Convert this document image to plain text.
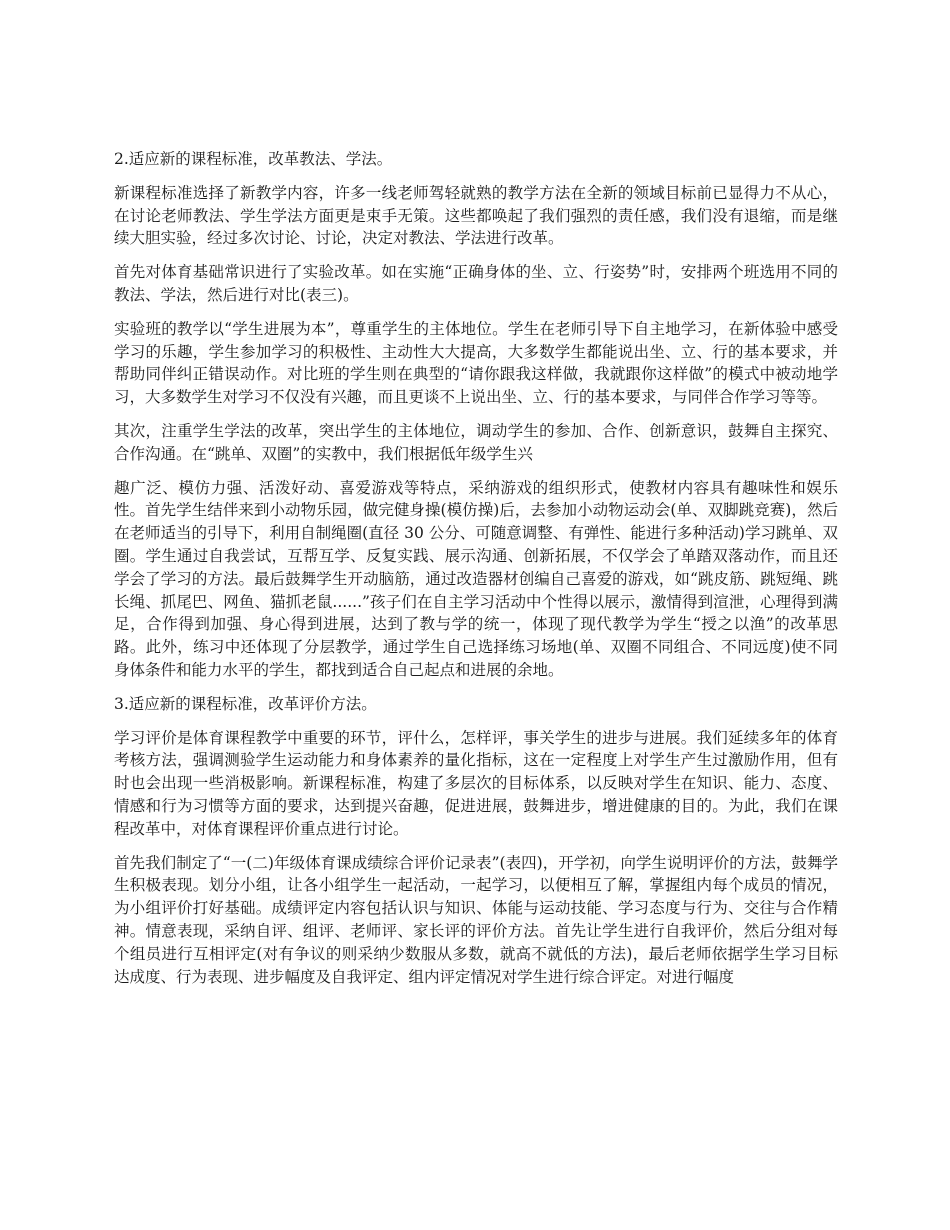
2.适应新的课程标准，改革教法、学法。

新课程标准选择了新教学内容，许多一线老师驾轻就熟的教学方法在全新的领域目标前已显得力不从心，在讨论老师教法、学生学法方面更是束手无策。这些都唤起了我们强烈的责任感，我们没有退缩，而是继续大胆实验，经过多次讨论、讨论，决定对教法、学法进行改革。

首先对体育基础常识进行了实验改革。如在实施“正确身体的坐、立、行姿势”时，安排两个班选用不同的教法、学法，然后进行对比(表三)。

实验班的教学以“学生进展为本”，尊重学生的主体地位。学生在老师引导下自主地学习，在新体验中感受学习的乐趣，学生参加学习的积极性、主动性大大提高，大多数学生都能说出坐、立、行的基本要求，并帮助同伴纠正错误动作。对比班的学生则在典型的“请你跟我这样做，我就跟你这样做”的模式中被动地学习，大多数学生对学习不仅没有兴趣，而且更谈不上说出坐、立、行的基本要求，与同伴合作学习等等。

其次，注重学生学法的改革，突出学生的主体地位，调动学生的参加、合作、创新意识，鼓舞自主探究、合作沟通。在“跳单、双圈”的实教中，我们根据低年级学生兴

趣广泛、模仿力强、活泼好动、喜爱游戏等特点，采纳游戏的组织形式，使教材内容具有趣味性和娱乐性。首先学生结伴来到小动物乐园，做完健身操(模仿操)后，去参加小动物运动会(单、双脚跳竞赛)，然后在老师适当的引导下，利用自制绳圈(直径 30 公分、可随意调整、有弹性、能进行多种活动)学习跳单、双圈。学生通过自我尝试，互帮互学、反复实践、展示沟通、创新拓展，不仅学会了单踏双落动作，而且还学会了学习的方法。最后鼓舞学生开动脑筋，通过改造器材创编自己喜爱的游戏，如“跳皮筋、跳短绳、跳长绳、抓尾巴、网鱼、猫抓老鼠......”孩子们在自主学习活动中个性得以展示，激情得到渲泄，心理得到满足，合作得到加强、身心得到进展，达到了教与学的统一，体现了现代教学为学生“授之以渔”的改革思路。此外，练习中还体现了分层教学，通过学生自己选择练习场地(单、双圈不同组合、不同远度)使不同身体条件和能力水平的学生，都找到适合自己起点和进展的余地。

3.适应新的课程标准，改革评价方法。

学习评价是体育课程教学中重要的环节，评什么，怎样评，事关学生的进步与进展。我们延续多年的体育考核方法，强调测验学生运动能力和身体素养的量化指标，这在一定程度上对学生产生过激励作用，但有时也会出现一些消极影响。新课程标准，构建了多层次的目标体系，以反映对学生在知识、能力、态度、情感和行为习惯等方面的要求，达到提兴奋趣，促进进展，鼓舞进步，增进健康的目的。为此，我们在课程改革中，对体育课程评价重点进行讨论。

首先我们制定了“一(二)年级体育课成绩综合评价记录表”(表四)，开学初，向学生说明评价的方法，鼓舞学生积极表现。划分小组，让各小组学生一起活动，一起学习，以便相互了解，掌握组内每个成员的情况，为小组评价打好基础。成绩评定内容包括认识与知识、体能与运动技能、学习态度与行为、交往与合作精神。情意表现，采纳自评、组评、老师评、家长评的评价方法。首先让学生进行自我评价，然后分组对每个组员进行互相评定(对有争议的则采纳少数服从多数，就高不就低的方法)，最后老师依据学生学习目标达成度、行为表现、进步幅度及自我评定、组内评定情况对学生进行综合评定。对进行幅度
